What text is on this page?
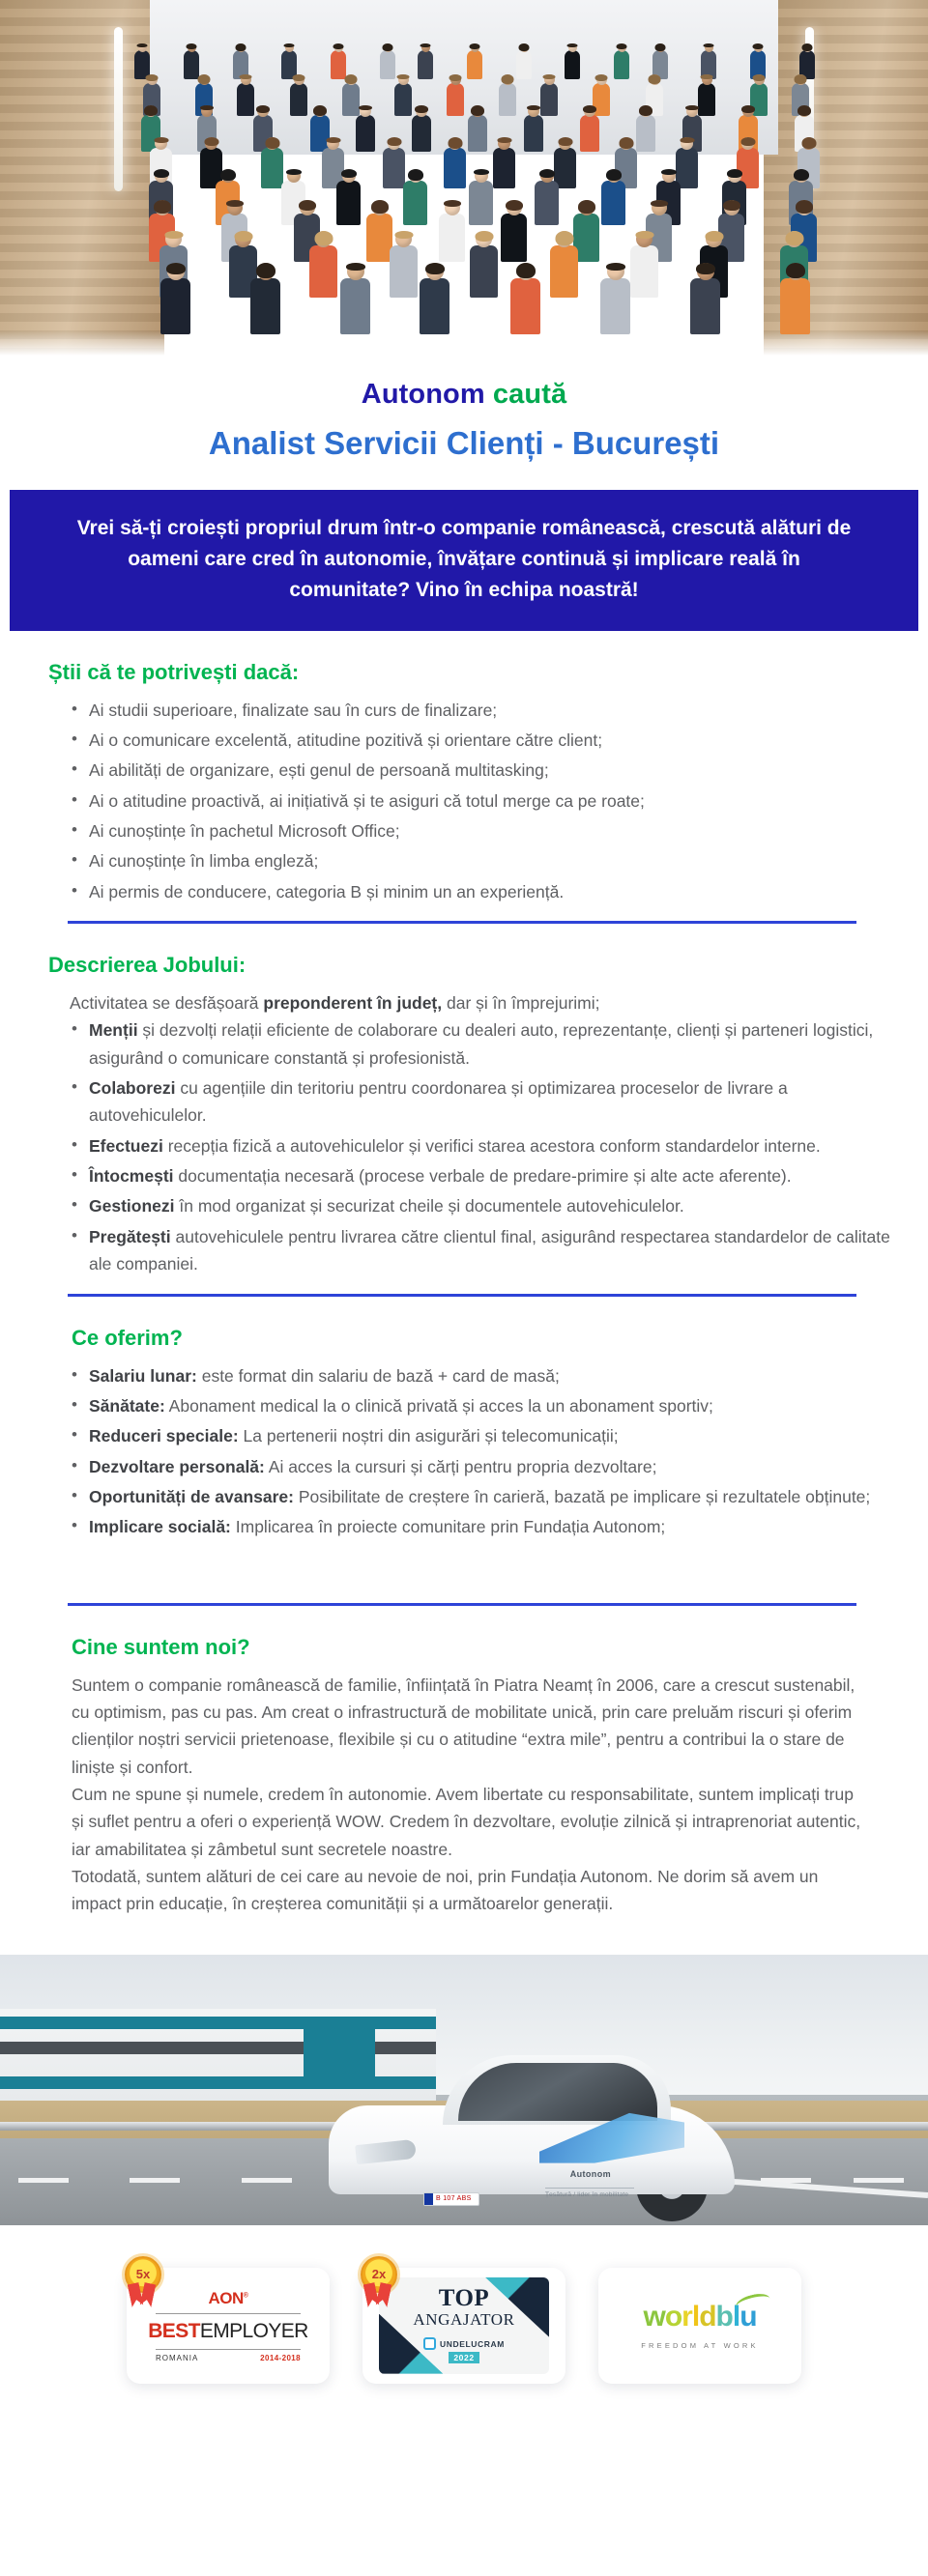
Autonom caută
Analist Servicii Clienți - București
Vrei să-ți croiești propriul drum într-o companie românească, crescută alături de oameni care cred în autonomie, învățare continuă și implicare reală în comunitate? Vino în echipa noastră!
Știi că te potrivești dacă:
• Ai studii superioare, finalizate sau în curs de finalizare;
• Ai o comunicare excelentă, atitudine pozitivă și orientare către client;
• Ai abilități de organizare, ești genul de persoană multitasking;
• Ai o atitudine proactivă, ai inițiativă și te asiguri că totul merge ca pe roate;
• Ai cunoștințe în pachetul Microsoft Office;
• Ai cunoștințe în limba engleză;
• Ai permis de conducere, categoria B și minim un an experiență.
Descrierea Jobului:

Activitatea se desfășoară preponderent în județ, dar și în împrejurimi;

• Menții și dezvolți relații eficiente de colaborare cu dealeri auto, reprezentanțe, clienți și parteneri logistici, asigurând o comunicare constantă și profesionistă.
• Colaborezi cu agențiile din teritoriu pentru coordonarea și optimizarea proceselor de livrare a autovehiculelor.
• Efectuezi recepția fizică a autovehiculelor și verifici starea acestora conform standardelor interne.
• Întocmești documentația necesară (procese verbale de predare-primire și alte acte aferente).
• Gestionezi în mod organizat și securizat cheile și documentele autovehiculelor.
• Pregătești autovehiculele pentru livrarea către clientul final, asigurând respectarea standardelor de calitate ale companiei.
Ce oferim?
• Salariu lunar: este format din salariu de bază + card de masă;
• Sănătate: Abonament medical la o clinică privată și acces la un abonament sportiv;
• Reduceri speciale: La pertenerii noștri din asigurări și telecomunicații;
• Dezvoltare personală: Ai acces la cursuri și cărți pentru propria dezvoltare;
• Oportunități de avansare: Posibilitate de creștere în carieră, bazată pe implicare și rezultatele obținute;
• Implicare socială: Implicarea în proiecte comunitare prin Fundația Autonom;
Cine suntem noi?

Suntem o companie românească de familie, înființată în Piatra Neamț în 2006, care a crescut sustenabil, cu optimism, pas cu pas. Am creat o infrastructură de mobilitate unică, prin care preluăm riscuri și oferim clienților noștri servicii prietenoase, flexibile și cu o atitudine “extra mile”, pentru a contribui la o stare de liniște și confort.

Cum ne spune și numele, credem în autonomie. Avem libertate cu responsabilitate, suntem implicați trup și suflet pentru a oferi o experiență WOW. Credem în dezvoltare, evoluție zilnică și intraprenoriat autentic, iar amabilitatea și zâmbetul sunt secretele noastre.

Totodată, suntem alături de cei care au nevoie de noi, prin Fundația Autonom. Ne dorim să avem un impact prin educație, în creșterea comunității și a următoarelor generații.

Autonom
Țesătură / lider în mobilitate
B 107 ABS
5x
AON®
BESTEMPLOYER
ROMANIA	2014-2018
2x
TOP
ANGAJATOR
UNDELUCRAM
2022
worldblu
FREEDOM AT WORK
